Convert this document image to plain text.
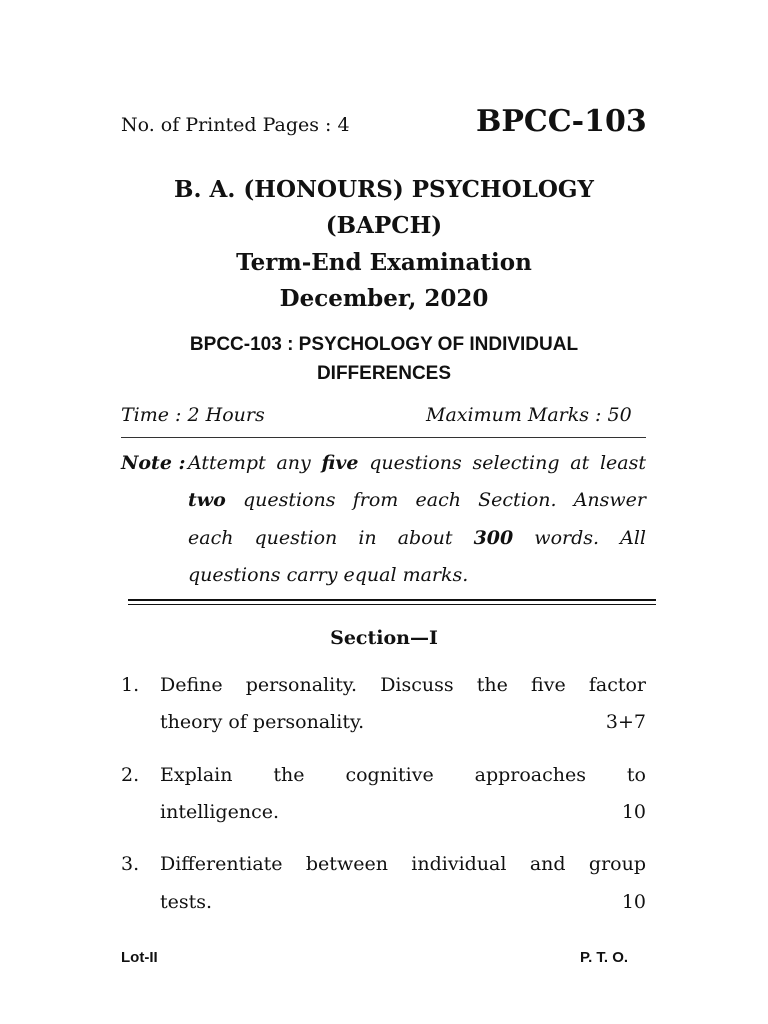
No. of Printed Pages : 4	BPCC-103
B. A. (HONOURS) PSYCHOLOGY
(BAPCH)
Term-End Examination
December, 2020
BPCC-103 : PSYCHOLOGY OF INDIVIDUAL
DIFFERENCES
Time : 2 Hours	Maximum Marks : 50
Note : Attempt any five questions selecting at least
two questions from each Section. Answer
each question in about 300 words. All
questions carry equal marks.
Section—I
1. Define personality. Discuss the five factor
theory of personality.	3+7
2. Explain the cognitive approaches to
intelligence.	10
3. Differentiate between individual and group
tests.	10
Lot-II	P. T. O.
